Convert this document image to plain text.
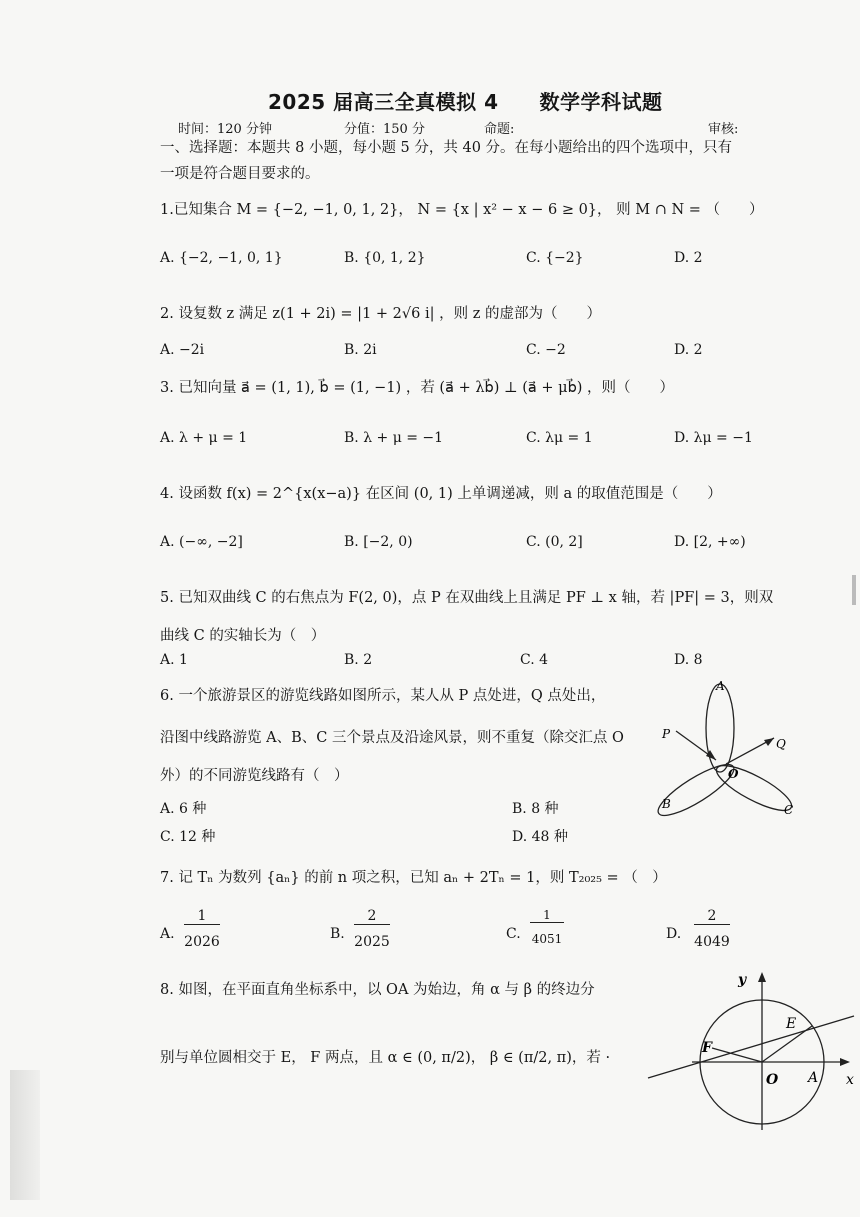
2025 届高三全真模拟 4　　数学学科试题
时间：120 分钟	分值：150 分	命题:	审核:
一、选择题：本题共 8 小题，每小题 5 分，共 40 分。在每小题给出的四个选项中，只有
一项是符合题目要求的。
1.已知集合 M = {−2, −1, 0, 1, 2}， N = {x | x² − x − 6 ≥ 0}， 则 M ∩ N = （　　）
A. {−2, −1, 0, 1}	B. {0, 1, 2}	C. {−2}	D. 2
2. 设复数 z 满足 z(1 + 2i) = |1 + 2√6 i| ，则 z 的虚部为（　　）
A. −2i	B. 2i	C. −2	D. 2
3. 已知向量 a⃗ = (1, 1), b⃗ = (1, −1) ，若 (a⃗ + λb⃗) ⊥ (a⃗ + μb⃗) ，则（　　）
A. λ + μ = 1	B. λ + μ = −1	C. λμ = 1	D. λμ = −1
4. 设函数 f(x) = 2^{x(x−a)} 在区间 (0, 1) 上单调递减，则 a 的取值范围是（　　）
A. (−∞, −2]	B. [−2, 0)	C. (0, 2]	D. [2, +∞)
5. 已知双曲线 C 的右焦点为 F(2, 0)，点 P 在双曲线上且满足 PF ⊥ x 轴，若 |PF| = 3，则双
曲线 C 的实轴长为（　）
A. 1	B. 2	C. 4	D. 8
6. 一个旅游景区的游览线路如图所示，某人从 P 点处进，Q 点处出，
沿图中线路游览 A、B、C 三个景点及沿途风景，则不重复（除交汇点 O
外）的不同游览线路有（　）
A. 6 种	B. 8 种
C. 12 种	D. 48 种
A
P
Q
O
B	C
7. 记 Tₙ 为数列 {aₙ} 的前 n 项之积，已知 aₙ + 2Tₙ = 1，则 T₂₀₂₅ = （　）
A.
1
2026	B.
2
2025	C.
1
4051	D.
2
4049
8. 如图，在平面直角坐标系中，以 OA 为始边，角 α 与 β 的终边分
别与单位圆相交于 E， F 两点，且 α ∈ (0, π/2)， β ∈ (π/2, π)，若 ·
y
E
F
O A x
